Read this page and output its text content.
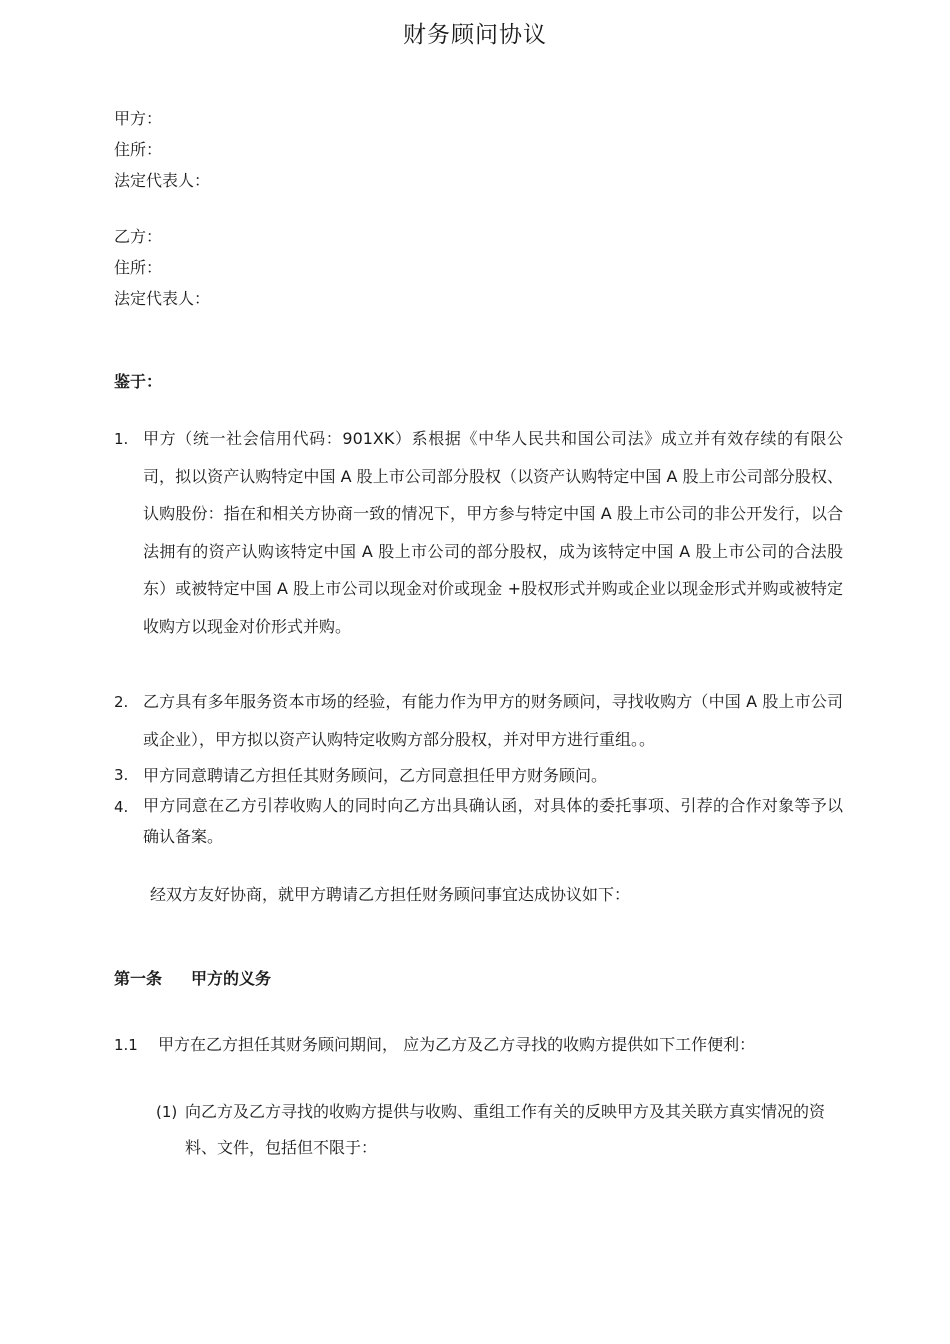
财务顾问协议
甲方：
住所：
法定代表人：
乙方：
住所：
法定代表人：
鉴于：
1. 甲方（统一社会信用代码：901XK）系根据《中华人民共和国公司法》成立并有效存续的有限公司，拟以资产认购特定中国 A 股上市公司部分股权（以资产认购特定中国 A 股上市公司部分股权、认购股份：指在和相关方协商一致的情况下，甲方参与特定中国 A 股上市公司的非公开发行，以合法拥有的资产认购该特定中国 A 股上市公司的部分股权，成为该特定中国 A 股上市公司的合法股东）或被特定中国 A 股上市公司以现金对价或现金 +股权形式并购或企业以现金形式并购或被特定收购方以现金对价形式并购。
2. 乙方具有多年服务资本市场的经验，有能力作为甲方的财务顾问，寻找收购方（中国 A 股上市公司或企业），甲方拟以资产认购特定收购方部分股权，并对甲方进行重组。。
3. 甲方同意聘请乙方担任其财务顾问，乙方同意担任甲方财务顾问。
4. 甲方同意在乙方引荐收购人的同时向乙方出具确认函，对具体的委托事项、引荐的合作对象等予以确认备案。
经双方友好协商，就甲方聘请乙方担任财务顾问事宜达成协议如下：
第一条 甲方的义务
1.1 甲方在乙方担任其财务顾问期间， 应为乙方及乙方寻找的收购方提供如下工作便利：
(1) 向乙方及乙方寻找的收购方提供与收购、重组工作有关的反映甲方及其关联方真实情况的资料、文件，包括但不限于：
